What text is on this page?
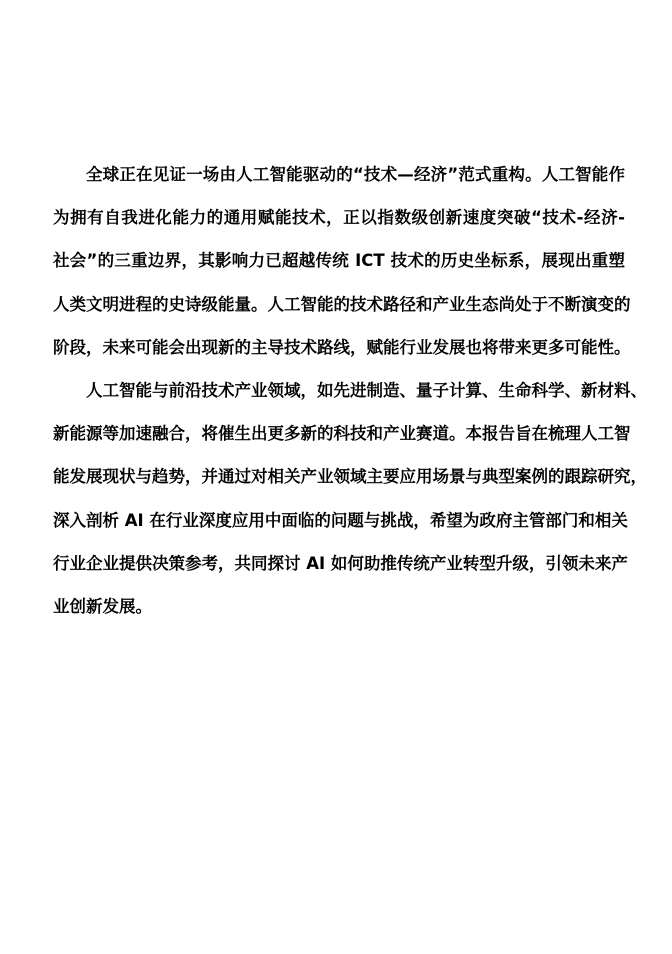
全球正在见证一场由人工智能驱动的“技术—经济”范式重构。人工智能作
为拥有自我进化能力的通用赋能技术，正以指数级创新速度突破“技术-经济-
社会”的三重边界，其影响力已超越传统 ICT 技术的历史坐标系，展现出重塑
人类文明进程的史诗级能量。人工智能的技术路径和产业生态尚处于不断演变的
阶段，未来可能会出现新的主导技术路线，赋能行业发展也将带来更多可能性。
人工智能与前沿技术产业领域，如先进制造、量子计算、生命科学、新材料、
新能源等加速融合，将催生出更多新的科技和产业赛道。本报告旨在梳理人工智
能发展现状与趋势，并通过对相关产业领域主要应用场景与典型案例的跟踪研究，
深入剖析 AI 在行业深度应用中面临的问题与挑战，希望为政府主管部门和相关
行业企业提供决策参考，共同探讨 AI 如何助推传统产业转型升级，引领未来产
业创新发展。
